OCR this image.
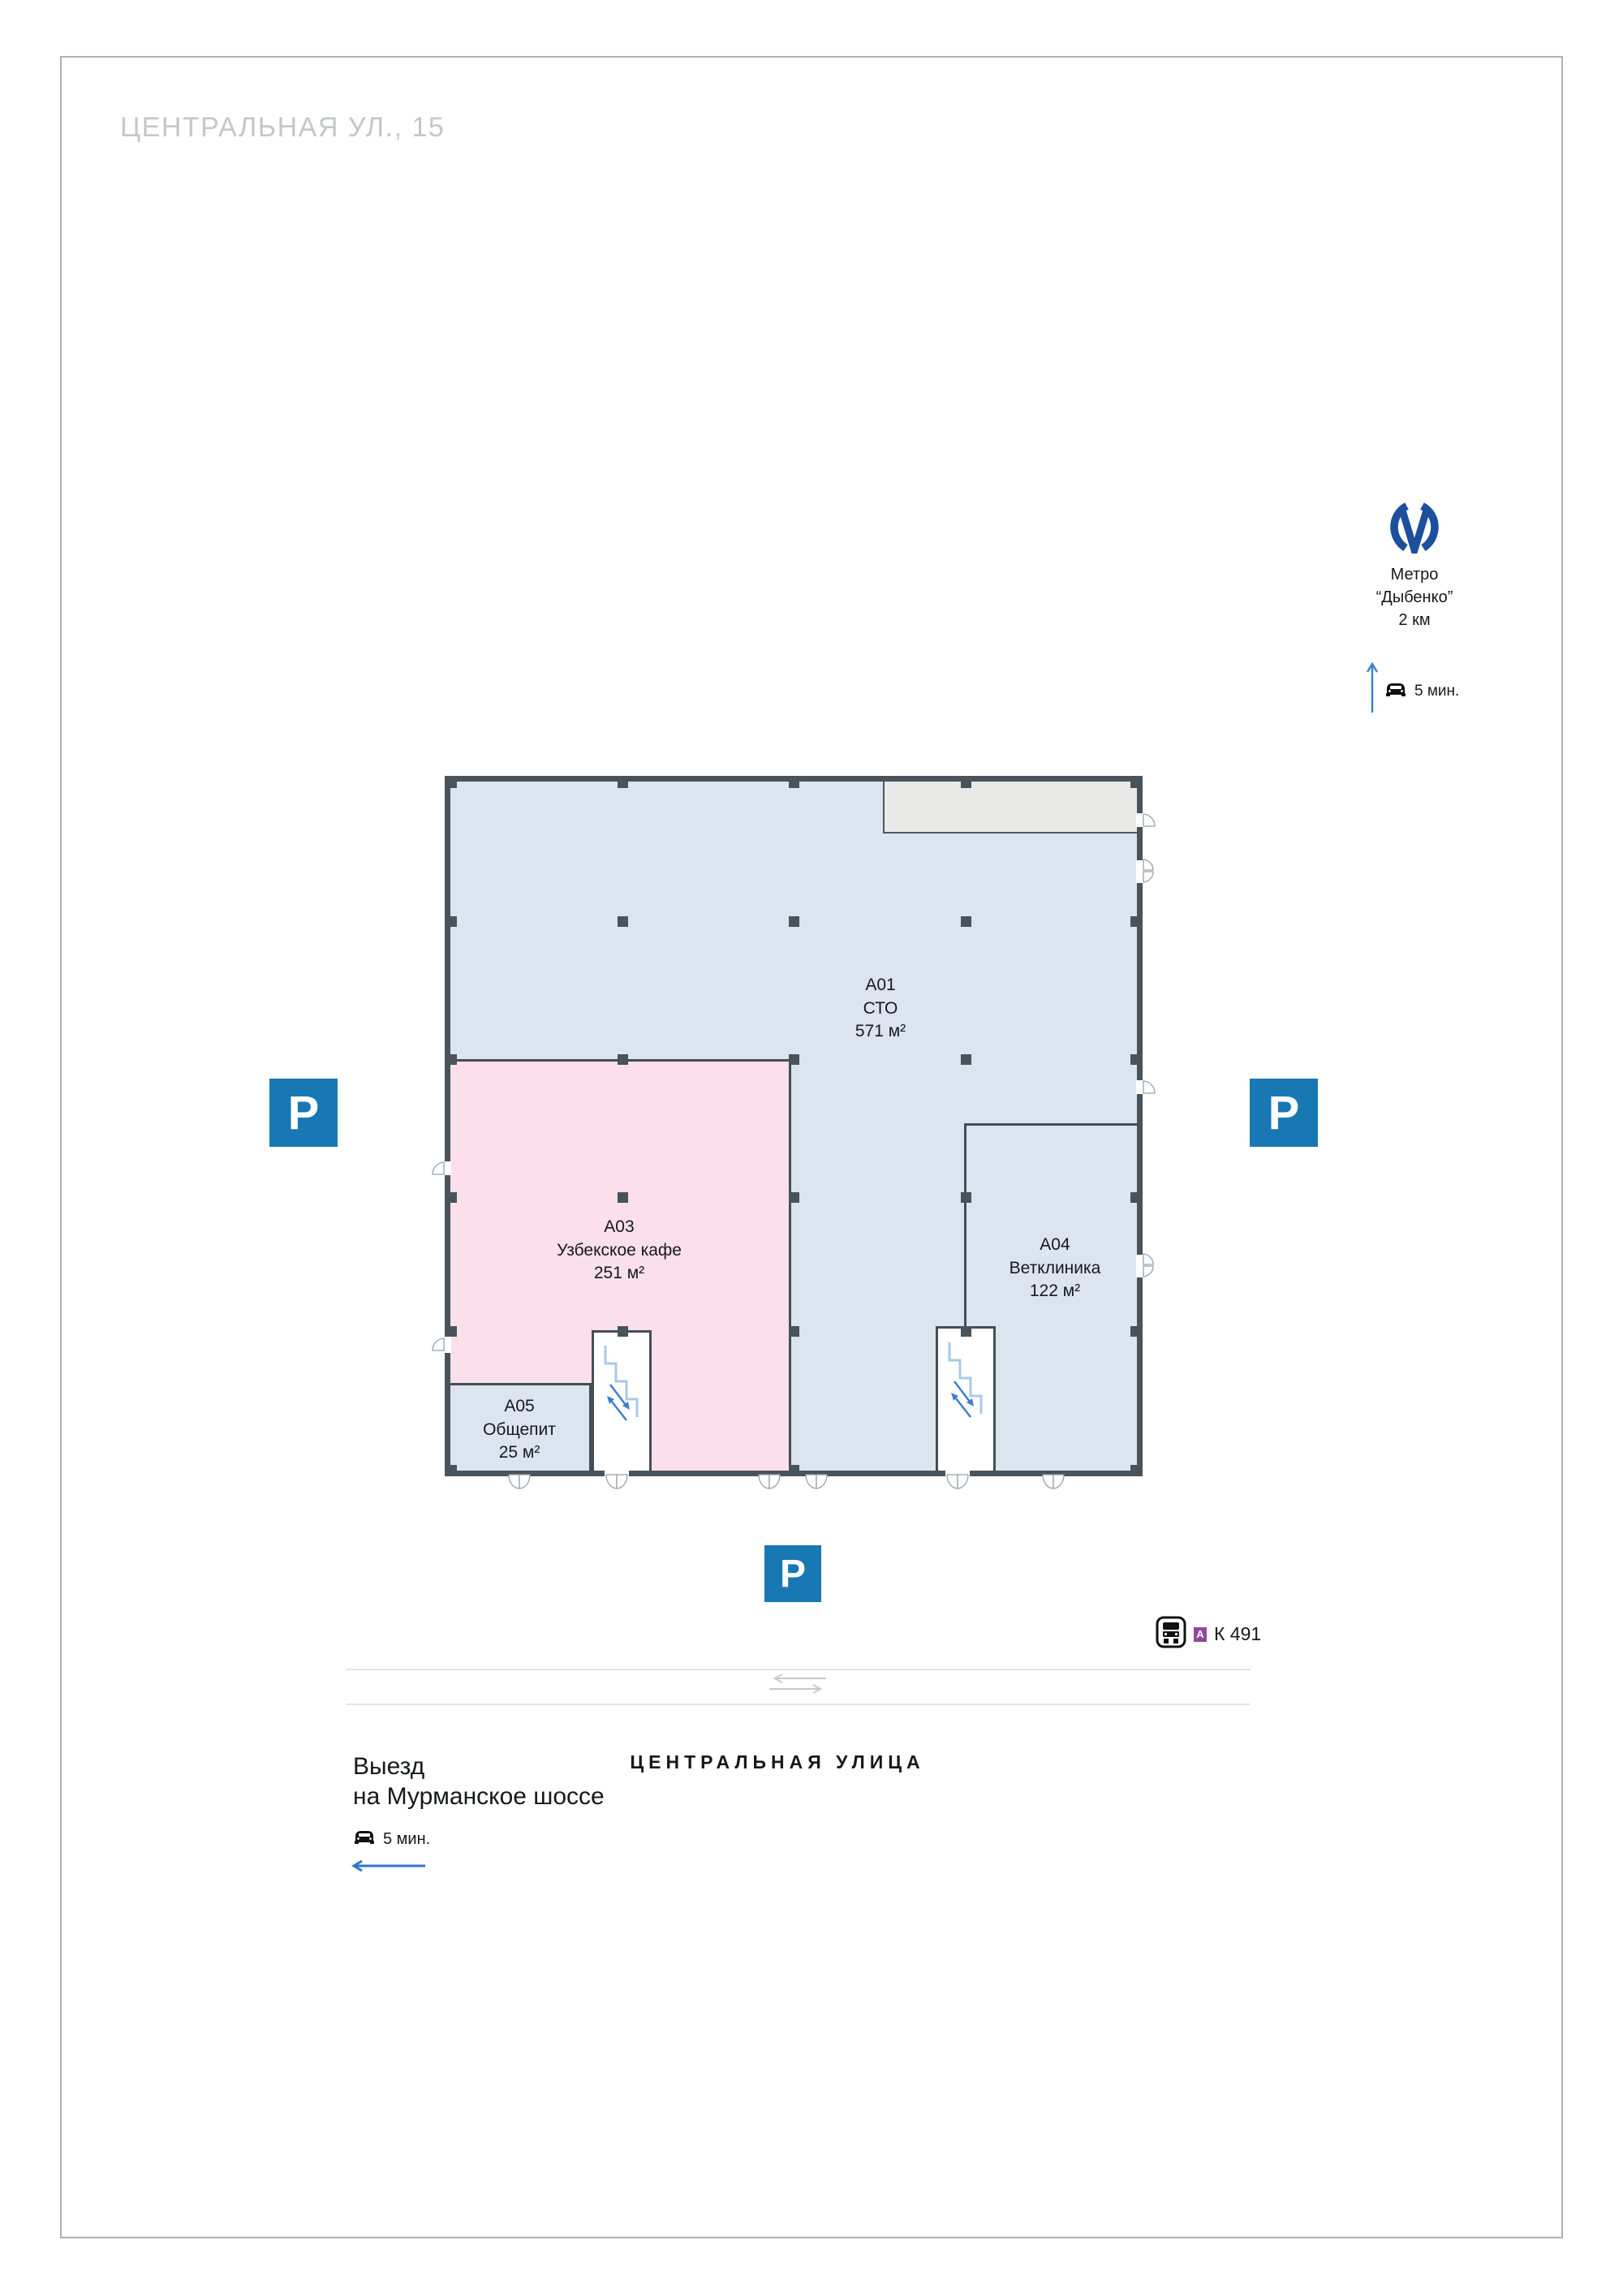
ЦЕНТРАЛЬНАЯ УЛ., 15
Метро
“Дыбенко”
2 км
5 мин.
А01
СТО
571 м²
А03
Узбекское кафе
251 м²
А04
Ветклиника
122 м²
А05
Общепит
25 м²
P	P
P
А К 491
ЦЕНТРАЛЬНАЯ УЛИЦА
Выезд
на Мурманское шоссе
5 мин.
